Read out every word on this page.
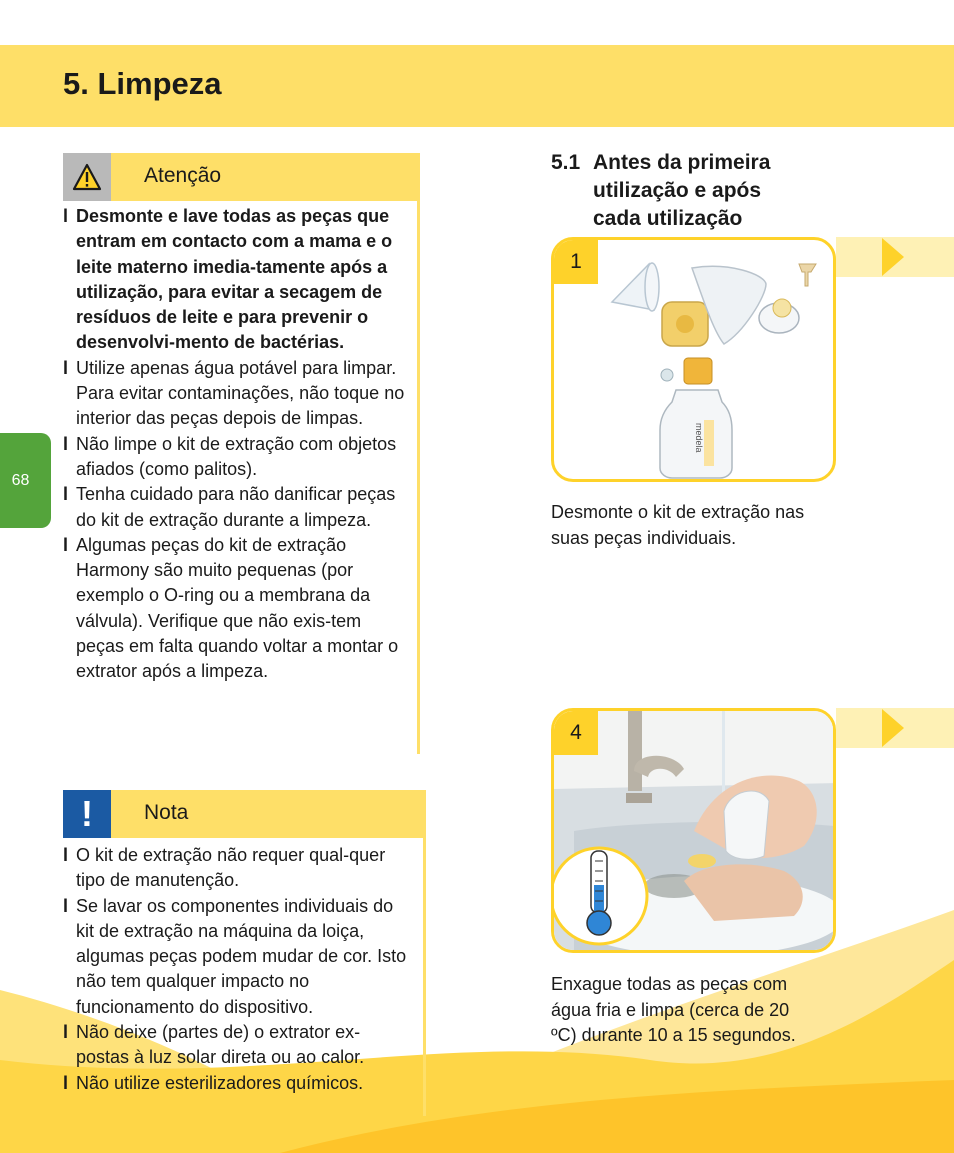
5. Limpeza
68
Atenção
l Desmonte e lave todas as peças que entram em contacto com a mama e o leite materno imedia-tamente após a utilização, para evitar a secagem de resíduos de leite e para prevenir o desenvolvi-mento de bactérias.
l Utilize apenas água potável para limpar. Para evitar contaminações, não toque no interior das peças depois de limpas.
l Não limpe o kit de extração com objetos afiados (como palitos).
l Tenha cuidado para não danificar peças do kit de extração durante a limpeza.
l Algumas peças do kit de extração Harmony são muito pequenas (por exemplo o O-ring ou a membrana da válvula). Verifique que não exis-tem peças em falta quando voltar a montar o extrator após a limpeza.
! Nota
l O kit de extração não requer qual-quer tipo de manutenção.
l Se lavar os componentes individuais do kit de extração na máquina da loiça, algumas peças podem mudar de cor. Isto não tem qualquer impacto no funcionamento do dispositivo.
l Não deixe (partes de) o extrator ex-postas à luz solar direta ou ao calor.
l Não utilize esterilizadores químicos.
5.1 Antes da primeira utilização e após cada utilização
1
medela

Desmonte o kit de extração nas suas peças individuais.

4

Enxague todas as peças com água fria e limpa (cerca de 20 ºC) durante 10 a 15 segundos.
